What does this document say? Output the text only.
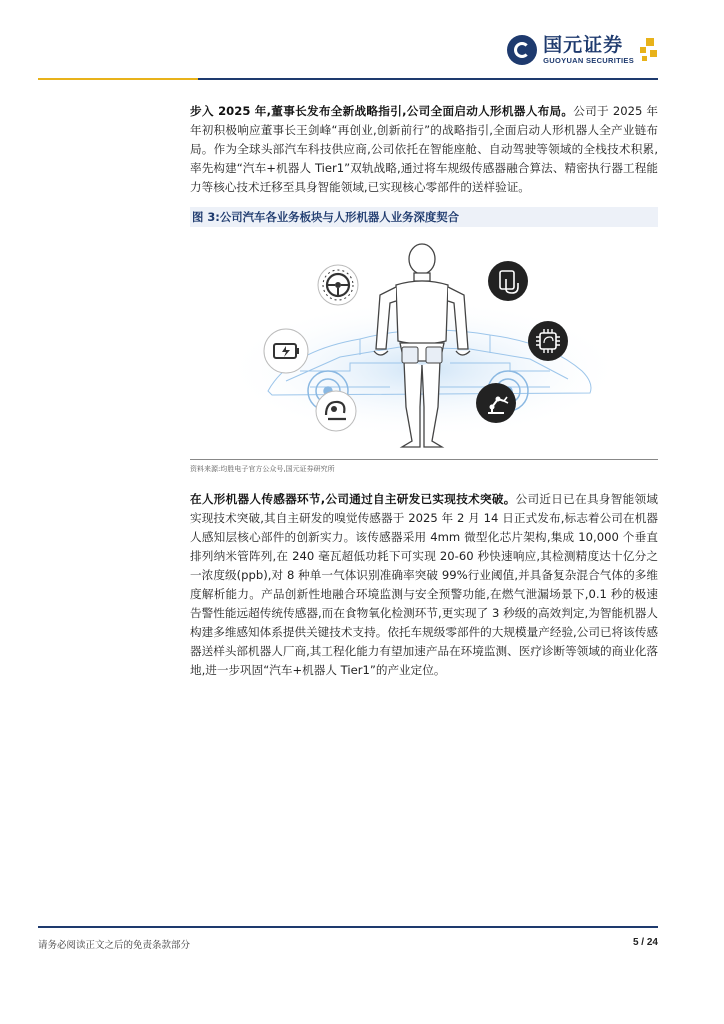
国元证券
GUOYUAN SECURITIES

步入 2025 年,董事长发布全新战略指引,公司全面启动人形机器人布局。公司于 2025 年年初积极响应董事长王剑峰“再创业,创新前行”的战略指引,全面启动人形机器人全产业链布局。作为全球头部汽车科技供应商,公司依托在智能座舱、自动驾驶等领域的全栈技术积累,率先构建“汽车+机器人 Tier1”双轨战略,通过将车规级传感器融合算法、精密执行器工程能力等核心技术迁移至具身智能领域,已实现核心零部件的送样验证。

图 3:公司汽车各业务板块与人形机器人业务深度契合
资料来源:均胜电子官方公众号,国元证券研究所

在人形机器人传感器环节,公司通过自主研发已实现技术突破。公司近日已在具身智能领域实现技术突破,其自主研发的嗅觉传感器于 2025 年 2 月 14 日正式发布,标志着公司在机器人感知层核心部件的创新实力。该传感器采用 4mm 微型化芯片架构,集成 10,000 个垂直排列纳米管阵列,在 240 毫瓦超低功耗下可实现 20-60 秒快速响应,其检测精度达十亿分之一浓度级(ppb),对 8 种单一气体识别准确率突破 99%行业阈值,并具备复杂混合气体的多维度解析能力。产品创新性地融合环境监测与安全预警功能,在燃气泄漏场景下,0.1 秒的极速告警性能远超传统传感器,而在食物氧化检测环节,更实现了 3 秒级的高效判定,为智能机器人构建多维感知体系提供关键技术支持。依托车规级零部件的大规模量产经验,公司已将该传感器送样头部机器人厂商,其工程化能力有望加速产品在环境监测、医疗诊断等领域的商业化落地,进一步巩固“汽车+机器人 Tier1”的产业定位。

请务必阅读正文之后的免责条款部分	5 / 24
